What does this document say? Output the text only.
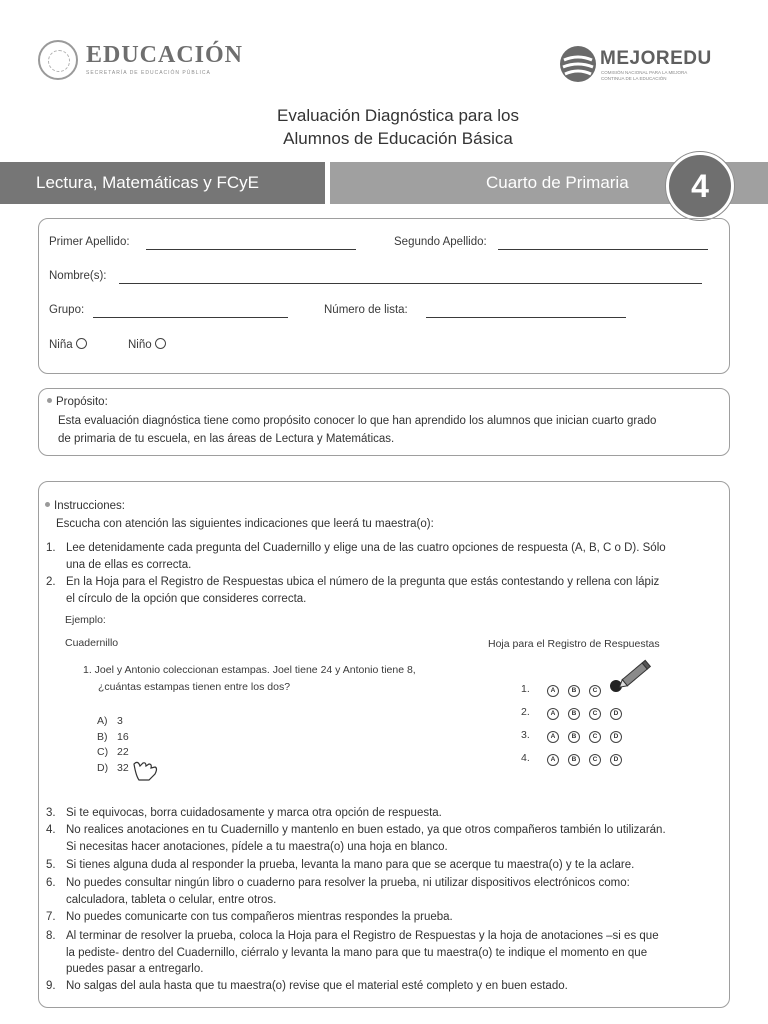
EDUCACIÓN
SECRETARÍA DE EDUCACIÓN PÚBLICA
MEJOREDU
COMISIÓN NACIONAL PARA LA MEJORA CONTINUA DE LA EDUCACIÓN
Evaluación Diagnóstica para los
Alumnos de Educación Básica
Lectura, Matemáticas y FCyE	Cuarto de Primaria	4
Primer Apellido:	Segundo Apellido:
Nombre(s):
Grupo:	Número de lista:
Niña	Niño
Propósito:
Esta evaluación diagnóstica tiene como propósito conocer lo que han aprendido los alumnos que inician cuarto grado
de primaria de tu escuela, en las áreas de Lectura y Matemáticas.
Instrucciones:
Escucha con atención las siguientes indicaciones que leerá tu maestra(o):
1. Lee detenidamente cada pregunta del Cuadernillo y elige una de las cuatro opciones de respuesta (A, B, C o D). Sólo
una de ellas es correcta.
2. En la Hoja para el Registro de Respuestas ubica el número de la pregunta que estás contestando y rellena con lápiz
el círculo de la opción que consideres correcta.
Ejemplo:
Cuadernillo	Hoja para el Registro de Respuestas
1. Joel y Antonio coleccionan estampas. Joel tiene 24 y Antonio tiene 8,
¿cuántas estampas tienen entre los dos?
A) 3
B) 16
C) 22
D) 32
1.	A	B	C
2.	A	B	C	D
3.	A	B	C	D
4.	A	B	C	D
3. Si te equivocas, borra cuidadosamente y marca otra opción de respuesta.
4. No realices anotaciones en tu Cuadernillo y mantenlo en buen estado, ya que otros compañeros también lo utilizarán.
Si necesitas hacer anotaciones, pídele a tu maestra(o) una hoja en blanco.
5. Si tienes alguna duda al responder la prueba, levanta la mano para que se acerque tu maestra(o) y te la aclare.
6. No puedes consultar ningún libro o cuaderno para resolver la prueba, ni utilizar dispositivos electrónicos como:
calculadora, tableta o celular, entre otros.
7. No puedes comunicarte con tus compañeros mientras respondes la prueba.
8. Al terminar de resolver la prueba, coloca la Hoja para el Registro de Respuestas y la hoja de anotaciones –si es que
la pediste- dentro del Cuadernillo, ciérralo y levanta la mano para que tu maestra(o) te indique el momento en que
puedes pasar a entregarlo.
9. No salgas del aula hasta que tu maestra(o) revise que el material esté completo y en buen estado.
